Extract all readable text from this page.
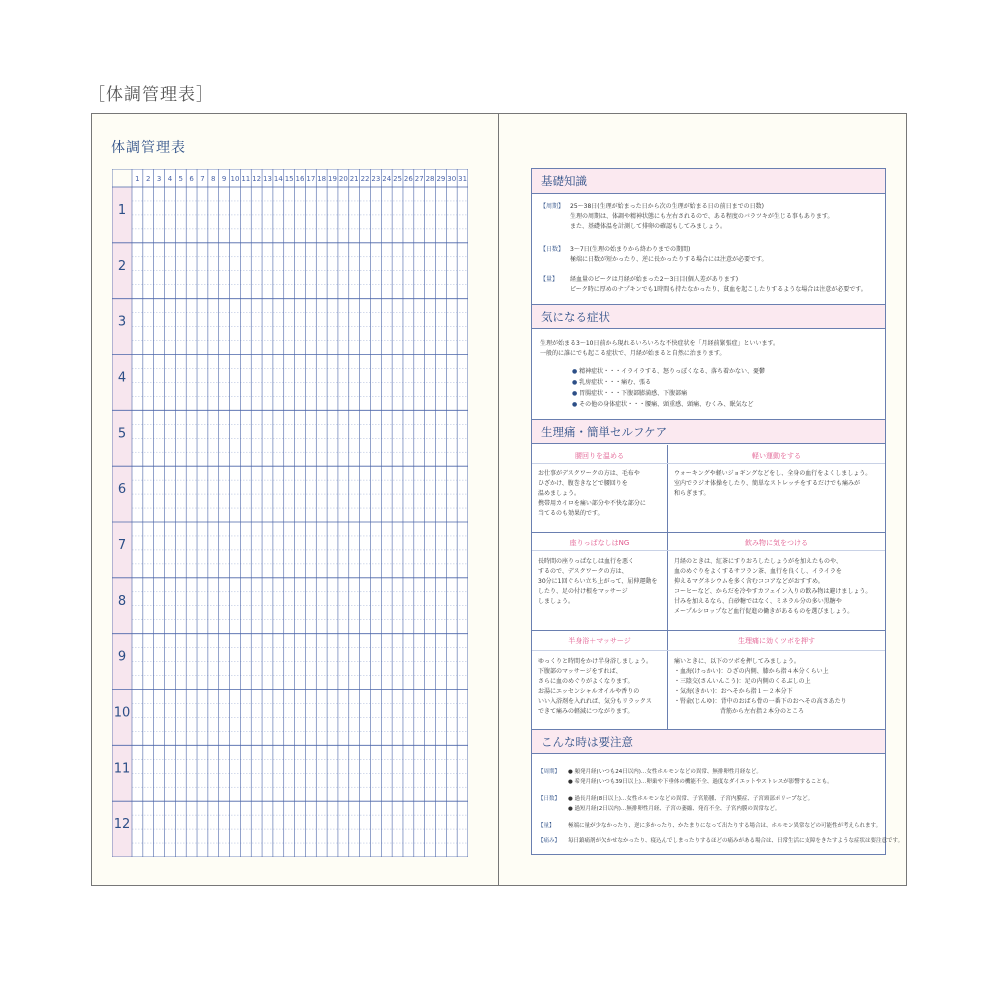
［体調管理表］
体調管理表
1 2 3 4 5 6 7 8 9 10 11 12 13 14 15 16 17 18 19 20 21 22 23 24 25 26 27 28 29 30 31
1
2
3
4
5
6
7
8
9
10
11
12
基礎知識
【周期】 25〜38日(生理が始まった日から次の生理が始まる日の前日までの日数)
生理の周期は、体調や精神状態にも左右されるので、ある程度のバラツキが生じる事もあります。
また、基礎体温を計測して排卵の確認もしてみましょう。
【日数】 3〜7日(生理の始まりから終わりまでの期間)
極端に日数が短かったり、逆に長かったりする場合には注意が必要です。
【量】 経血量のピークは月経が始まった2〜3日目(個人差があります)
ピーク時に厚めのナプキンでも1時間も持たなかったり、貧血を起こしたりするような場合は注意が必要です。
気になる症状
生理が始まる3〜10日前から現れるいろいろな不快症状を「月経前緊張症」といいます。
一般的に誰にでも起こる症状で、月経が始まると自然に治まります。
● 精神症状・・・イライラする、怒りっぽくなる、落ち着かない、憂鬱
● 乳房症状・・・痛む、張る
● 胃腸症状・・・下腹部膨満感、下腹部痛
● その他の身体症状・・・腰痛、頭重感、頭痛、むくみ、眠気など
生理痛・簡単セルフケア
腰回りを温める	軽い運動をする
お仕事がデスクワークの方は、毛布や
ひざかけ、腹巻きなどで腰回りを
温めましょう。
携帯用カイロを痛い部分や不快な部分に
当てるのも効果的です。
ウォーキングや軽いジョギングなどをし、全身の血行をよくしましょう。
室内でラジオ体操をしたり、簡単なストレッチをするだけでも痛みが
和らぎます。
座りっぱなしはNG	飲み物に気をつける
長時間の座りっぱなしは血行を悪く
するので、デスクワークの方は、
30分に1回ぐらい立ち上がって、屈伸運動を
したり、足の付け根をマッサージ
しましょう。
月経のときは、紅茶にすりおろしたしょうがを加えたものや、
血のめぐりをよくするサフラン茶、血行を良くし、イライラを
抑えるマグネシウムを多く含むココアなどがおすすめ。
コーヒーなど、からだを冷やすカフェイン入りの飲み物は避けましょう。
甘みを加えるなら、白砂糖ではなく、ミネラル分の多い黒糖や
メープルシロップなど血行促進の働きがあるものを選びましょう。
半身浴＋マッサージ	生理痛に効くツボを押す
ゆっくりと時間をかけ半身浴しましょう。
下腹部のマッサージをすれば、
さらに血のめぐりがよくなります。
お湯にエッセンシャルオイルや香りの
いい入浴剤を入れれば、気分もリラックス
できて痛みの軽減につながります。
痛いときに、以下のツボを押してみましょう。
・血海(けっかい)：ひざの内側、膝から指４本分くらい上
・三陰交(さんいんこう)：足の内側のくるぶしの上
・気海(きかい)：おへそから指１〜２本分下
・腎兪(じんゆ)：背中のおばら骨の一番下のおへその高さあたり
　背筋から左右指２本分のところ
こんな時は要注意
【周期】 ● 頻発月経(いつも24日以内)…女性ホルモンなどの異常、無排卵性月経など。
● 希発月経(いつも39日以上)…卵巣や下垂体の機能不全、過度なダイエットやストレスが影響することも。
【日数】 ● 過長月経(8日以上)…女性ホルモンなどの異常、子宮筋腫、子宮内膜症、子宮頸部ポリープなど。
● 過短月経(2日以内)…無排卵性月経、子宮の萎縮、発育不全、子宮内膜の異常など。
【量】 極端に量が少なかったり、逆に多かったり、かたまりになって出たりする場合は、ホルモン異常などの可能性が考えられます。
【痛み】 毎日鎮痛剤が欠かせなかったり、寝込んでしまったりするほどの痛みがある場合は、日常生活に支障をきたすような症状は要注意です。
